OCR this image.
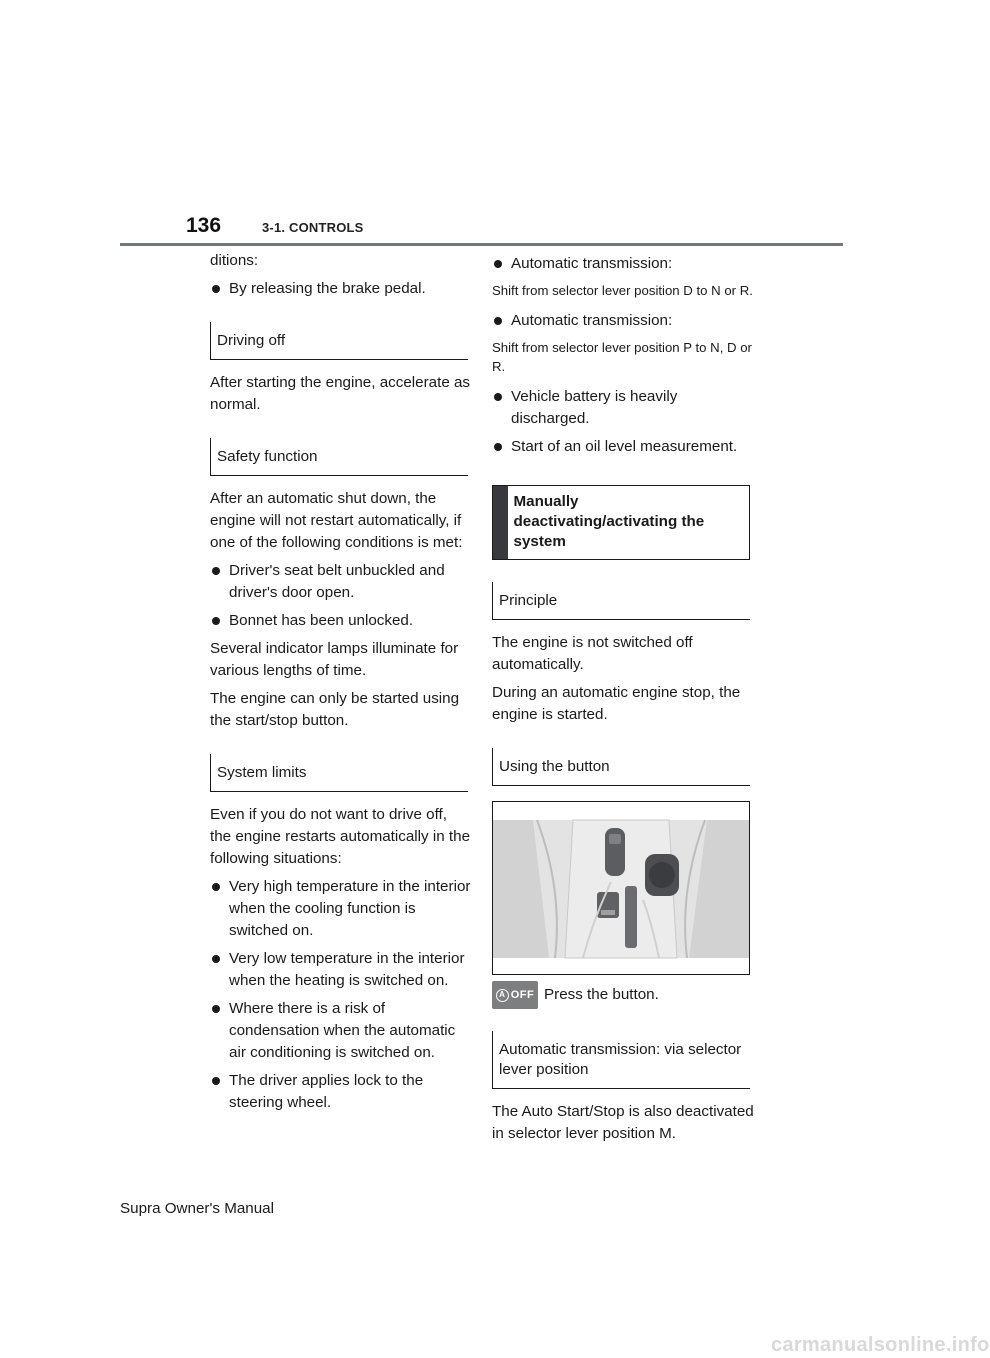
136	3-1. CONTROLS

ditions:

By releasing the brake pedal.
Driving off

After starting the engine, accelerate as normal.

Safety function

After an automatic shut down, the engine will not restart automatically, if one of the following conditions is met:

Driver's seat belt unbuckled and driver's door open.
Bonnet has been unlocked.

Several indicator lamps illuminate for various lengths of time.

The engine can only be started using the start/stop button.

System limits

Even if you do not want to drive off, the engine restarts automatically in the following situations:

Very high temperature in the interior when the cooling function is switched on.
Very low temperature in the interior when the heating is switched on.
Where there is a risk of condensation when the automatic air conditioning is switched on.
The driver applies lock to the steering wheel.
Automatic transmission:

Shift from selector lever position D to N or R.

Automatic transmission:

Shift from selector lever position P to N, D or R.

Vehicle battery is heavily discharged.
Start of an oil level measurement.
Manually deactivating/activating the system
Principle

The engine is not switched off automatically.

During an automatic engine stop, the engine is started.

Using the button
A OFF Press the button.
Automatic transmission: via selector lever position

The Auto Start/Stop is also deactivated in selector lever position M.

Supra Owner's Manual
carmanualsonline.info
